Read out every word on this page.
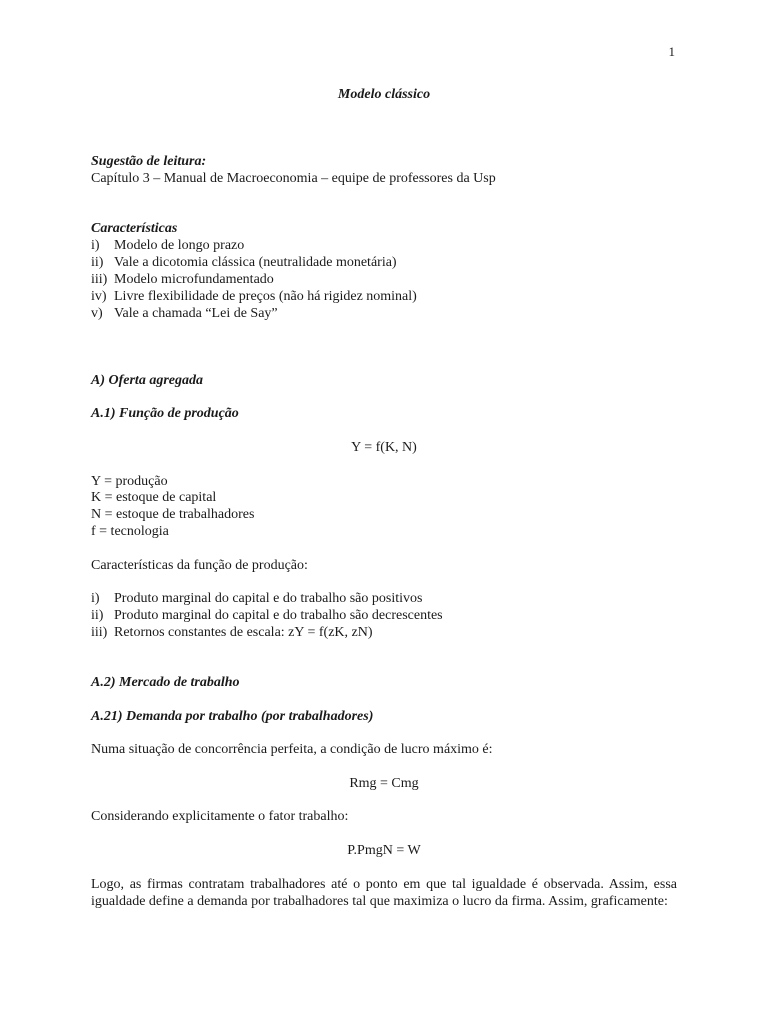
1
Modelo clássico
Sugestão de leitura:
Capítulo 3 – Manual de Macroeconomia – equipe de professores da Usp
Características
i) Modelo de longo prazo
ii) Vale a dicotomia clássica (neutralidade monetária)
iii) Modelo microfundamentado
iv) Livre flexibilidade de preços (não há rigidez nominal)
v) Vale a chamada “Lei de Say”
A) Oferta agregada
A.1) Função de produção
Y = f(K, N)
Y = produção
K = estoque de capital
N = estoque de trabalhadores
f = tecnologia
Características da função de produção:
i) Produto marginal do capital e do trabalho são positivos
ii) Produto marginal do capital e do trabalho são decrescentes
iii) Retornos constantes de escala: zY = f(zK, zN)
A.2) Mercado de trabalho
A.21) Demanda por trabalho (por trabalhadores)
Numa situação de concorrência perfeita, a condição de lucro máximo é:
Rmg = Cmg
Considerando explicitamente o fator trabalho:
P.PmgN = W
Logo, as firmas contratam trabalhadores até o ponto em que tal igualdade é observada. Assim, essa igualdade define a demanda por trabalhadores tal que maximiza o lucro da firma. Assim, graficamente:
